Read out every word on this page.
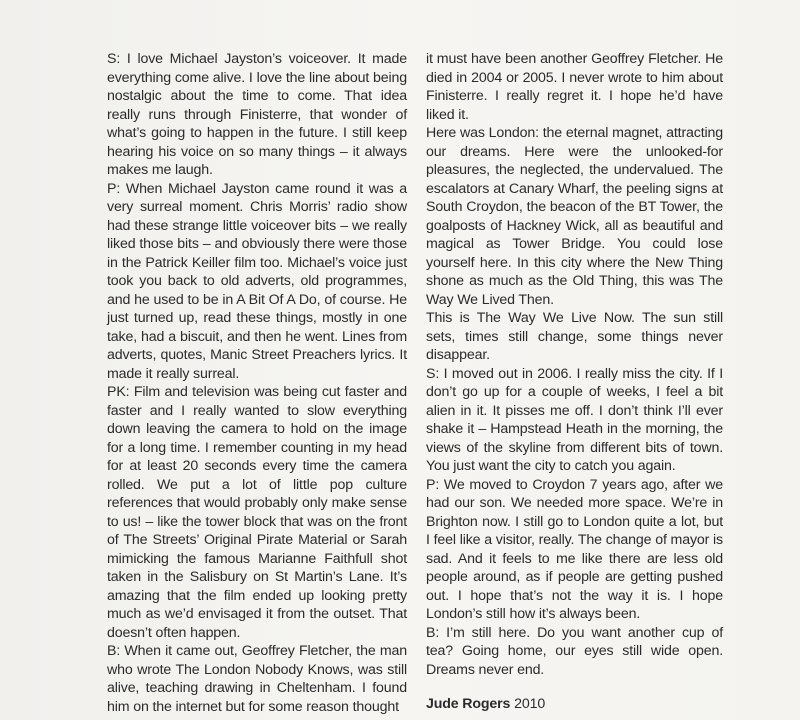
S: I love Michael Jayston’s voiceover. It made everything come alive. I love the line about being nostalgic about the time to come. That idea really runs through Finisterre, that wonder of what’s going to happen in the future. I still keep hearing his voice on so many things – it always makes me laugh.

P: When Michael Jayston came round it was a very surreal moment. Chris Morris’ radio show had these strange little voiceover bits – we really liked those bits – and obviously there were those in the Patrick Keiller film too. Michael’s voice just took you back to old adverts, old programmes, and he used to be in A Bit Of A Do, of course. He just turned up, read these things, mostly in one take, had a biscuit, and then he went. Lines from adverts, quotes, Manic Street Preachers lyrics. It made it really surreal.

PK: Film and television was being cut faster and faster and I really wanted to slow everything down leaving the camera to hold on the image for a long time. I remember counting in my head for at least 20 seconds every time the camera rolled. We put a lot of little pop culture references that would probably only make sense to us! – like the tower block that was on the front of The Streets’ Original Pirate Material or Sarah mimicking the famous Marianne Faithfull shot taken in the Salisbury on St Martin’s Lane. It’s amazing that the film ended up looking pretty much as we’d envisaged it from the outset. That doesn’t often happen.

B: When it came out, Geoffrey Fletcher, the man who wrote The London Nobody Knows, was still alive, teaching drawing in Cheltenham. I found him on the internet but for some reason thought

it must have been another Geoffrey Fletcher. He died in 2004 or 2005. I never wrote to him about Finisterre. I really regret it. I hope he’d have liked it.

Here was London: the eternal magnet, attracting our dreams. Here were the unlooked-for pleasures, the neglected, the undervalued. The escalators at Canary Wharf, the peeling signs at South Croydon, the beacon of the BT Tower, the goalposts of Hackney Wick, all as beautiful and magical as Tower Bridge. You could lose yourself here. In this city where the New Thing shone as much as the Old Thing, this was The Way We Lived Then.

This is The Way We Live Now. The sun still sets, times still change, some things never disappear.

S: I moved out in 2006. I really miss the city. If I don’t go up for a couple of weeks, I feel a bit alien in it. It pisses me off. I don’t think I’ll ever shake it – Hampstead Heath in the morning, the views of the skyline from different bits of town. You just want the city to catch you again.

P: We moved to Croydon 7 years ago, after we had our son. We needed more space. We’re in Brighton now. I still go to London quite a lot, but I feel like a visitor, really. The change of mayor is sad. And it feels to me like there are less old people around, as if people are getting pushed out. I hope that’s not the way it is. I hope London’s still how it’s always been.

B: I’m still here. Do you want another cup of tea? Going home, our eyes still wide open. Dreams never end.

Jude Rogers 2010
